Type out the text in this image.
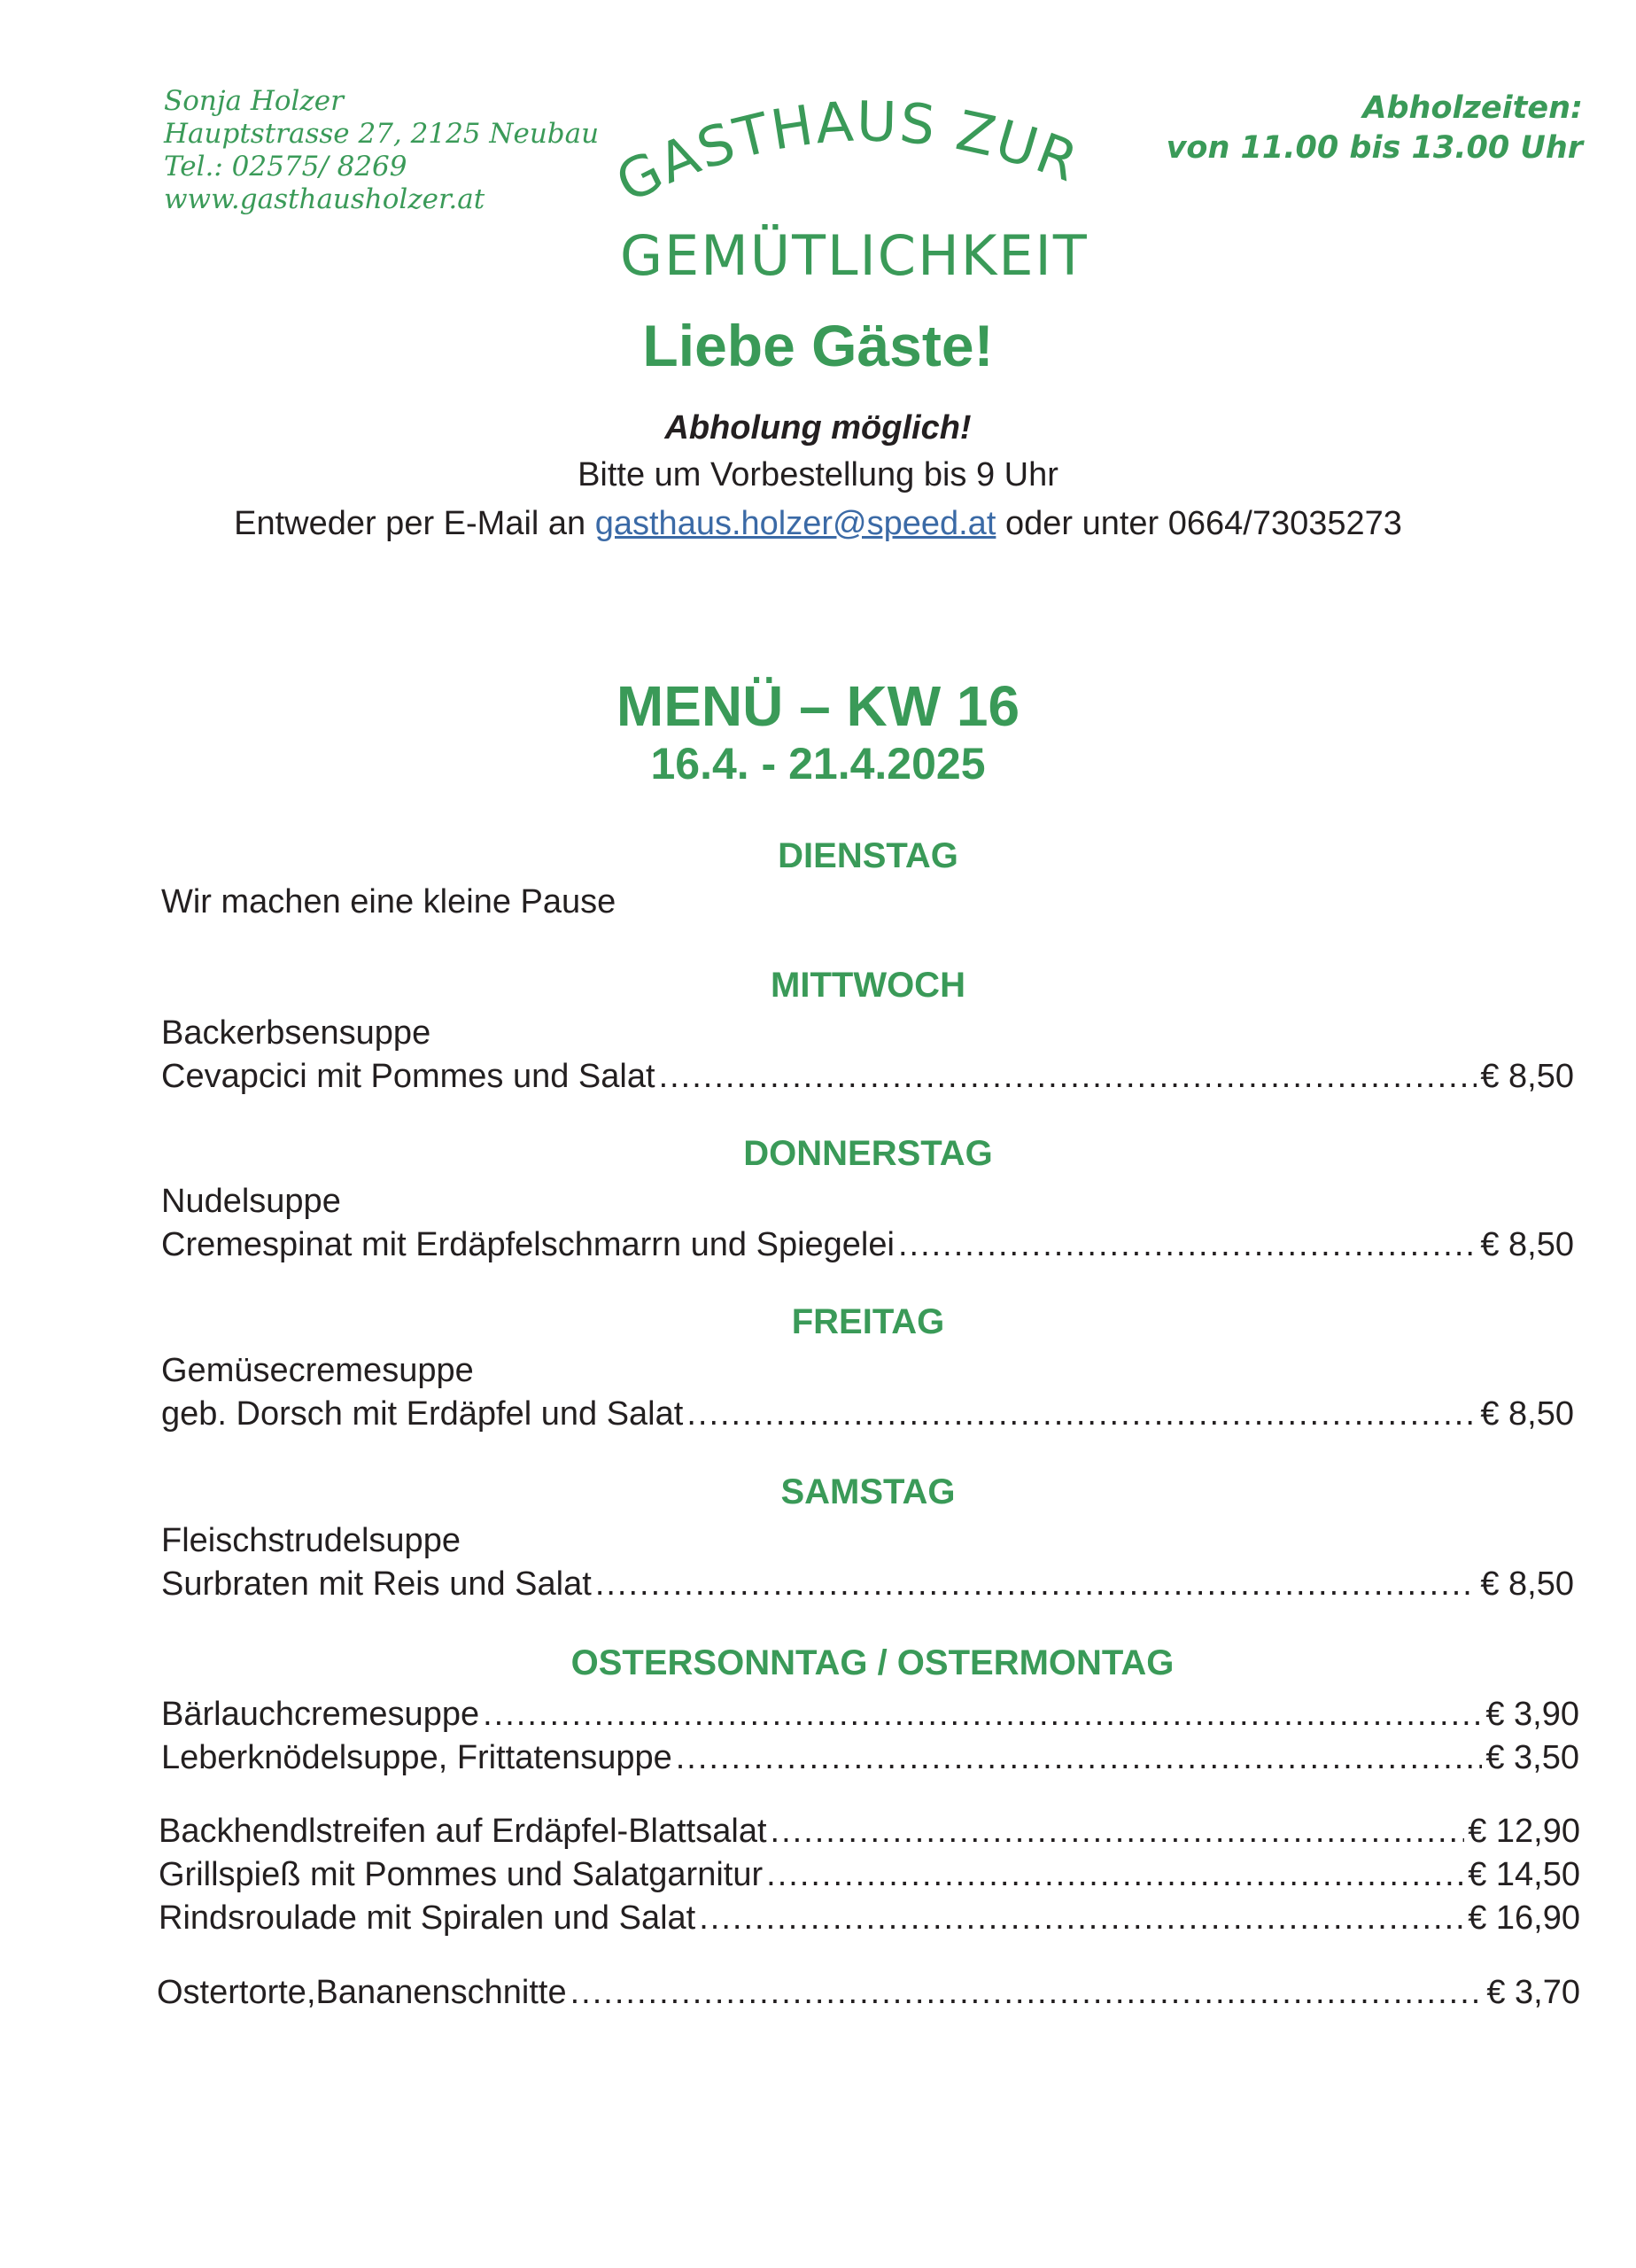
Sonja Holzer
Hauptstrasse 27, 2125 Neubau
Tel.: 02575/ 8269
www.gasthausholzer.at
Abholzeiten:
von 11.00 bis 13.00 Uhr
GASTHAUS ZUR
GEMÜTLICHKEIT
Liebe Gäste!
Abholung möglich!
Bitte um Vorbestellung bis 9 Uhr
Entweder per E-Mail an gasthaus.holzer@speed.at oder unter 0664/73035273
MENÜ – KW 16
16.4. - 21.4.2025
DIENSTAG
Wir machen eine kleine Pause
MITTWOCH
Backerbsensuppe
Cevapcici mit Pommes und Salat .....	€ 8,50
DONNERSTAG
Nudelsuppe
Cremespinat mit Erdäpfelschmarrn und Spiegelei .....	€ 8,50
FREITAG
Gemüsecremesuppe
geb. Dorsch mit Erdäpfel und Salat .....	€ 8,50
SAMSTAG
Fleischstrudelsuppe
Surbraten mit Reis und Salat .....	€ 8,50
OSTERSONNTAG / OSTERMONTAG
Bärlauchcremesuppe .....	€ 3,90
Leberknödelsuppe, Frittatensuppe .....	€ 3,50
Backhendlstreifen auf Erdäpfel-Blattsalat .....	€ 12,90
Grillspieß mit Pommes und Salatgarnitur .....	€ 14,50
Rindsroulade mit Spiralen und Salat .....	€ 16,90
Ostertorte,Bananenschnitte .....	€ 3,70
